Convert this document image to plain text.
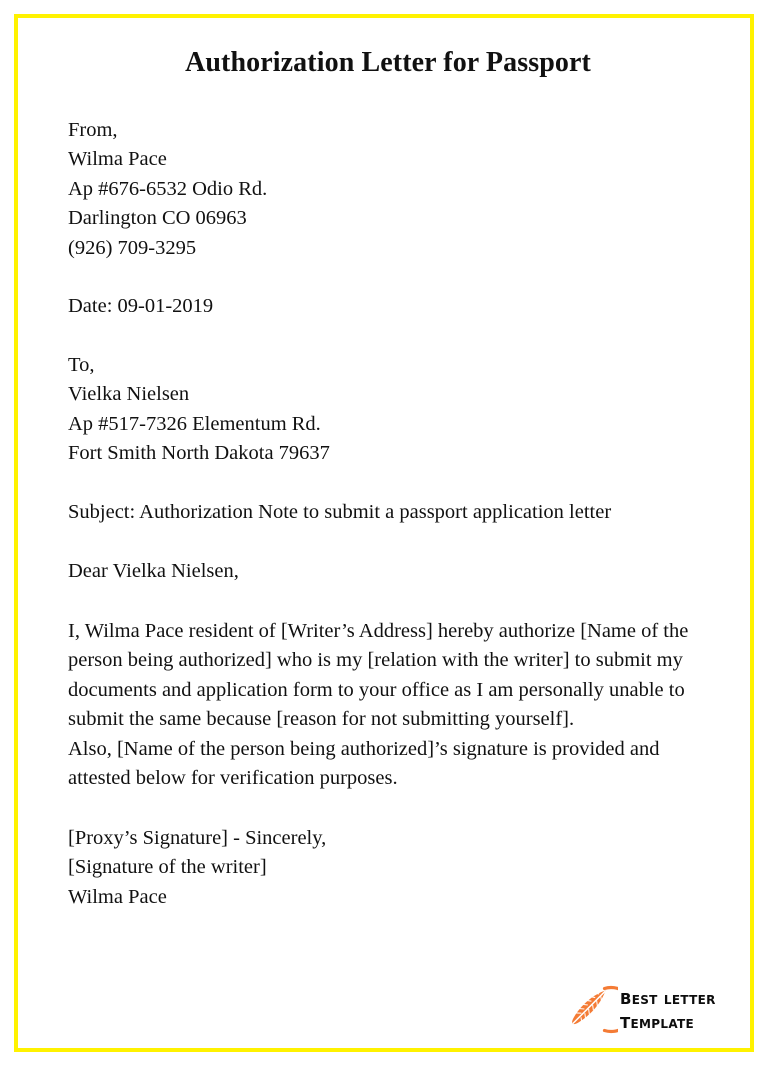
Authorization Letter for Passport
From,
Wilma Pace
Ap #676-6532 Odio Rd.
Darlington CO 06963
(926) 709-3295
Date: 09-01-2019
To,
Vielka Nielsen
Ap #517-7326 Elementum Rd.
Fort Smith North Dakota 79637

Subject: Authorization Note to submit a passport application letter

Dear Vielka Nielsen,

I, Wilma Pace resident of [Writer’s Address] hereby authorize [Name of the person being authorized] who is my [relation with the writer] to submit my documents and application form to your office as I am personally unable to submit the same because [reason for not submitting yourself].

Also, [Name of the person being authorized]’s signature is provided and attested below for verification purposes.

[Proxy’s Signature] - Sincerely,
[Signature of the writer]
Wilma Pace
best letter
template
